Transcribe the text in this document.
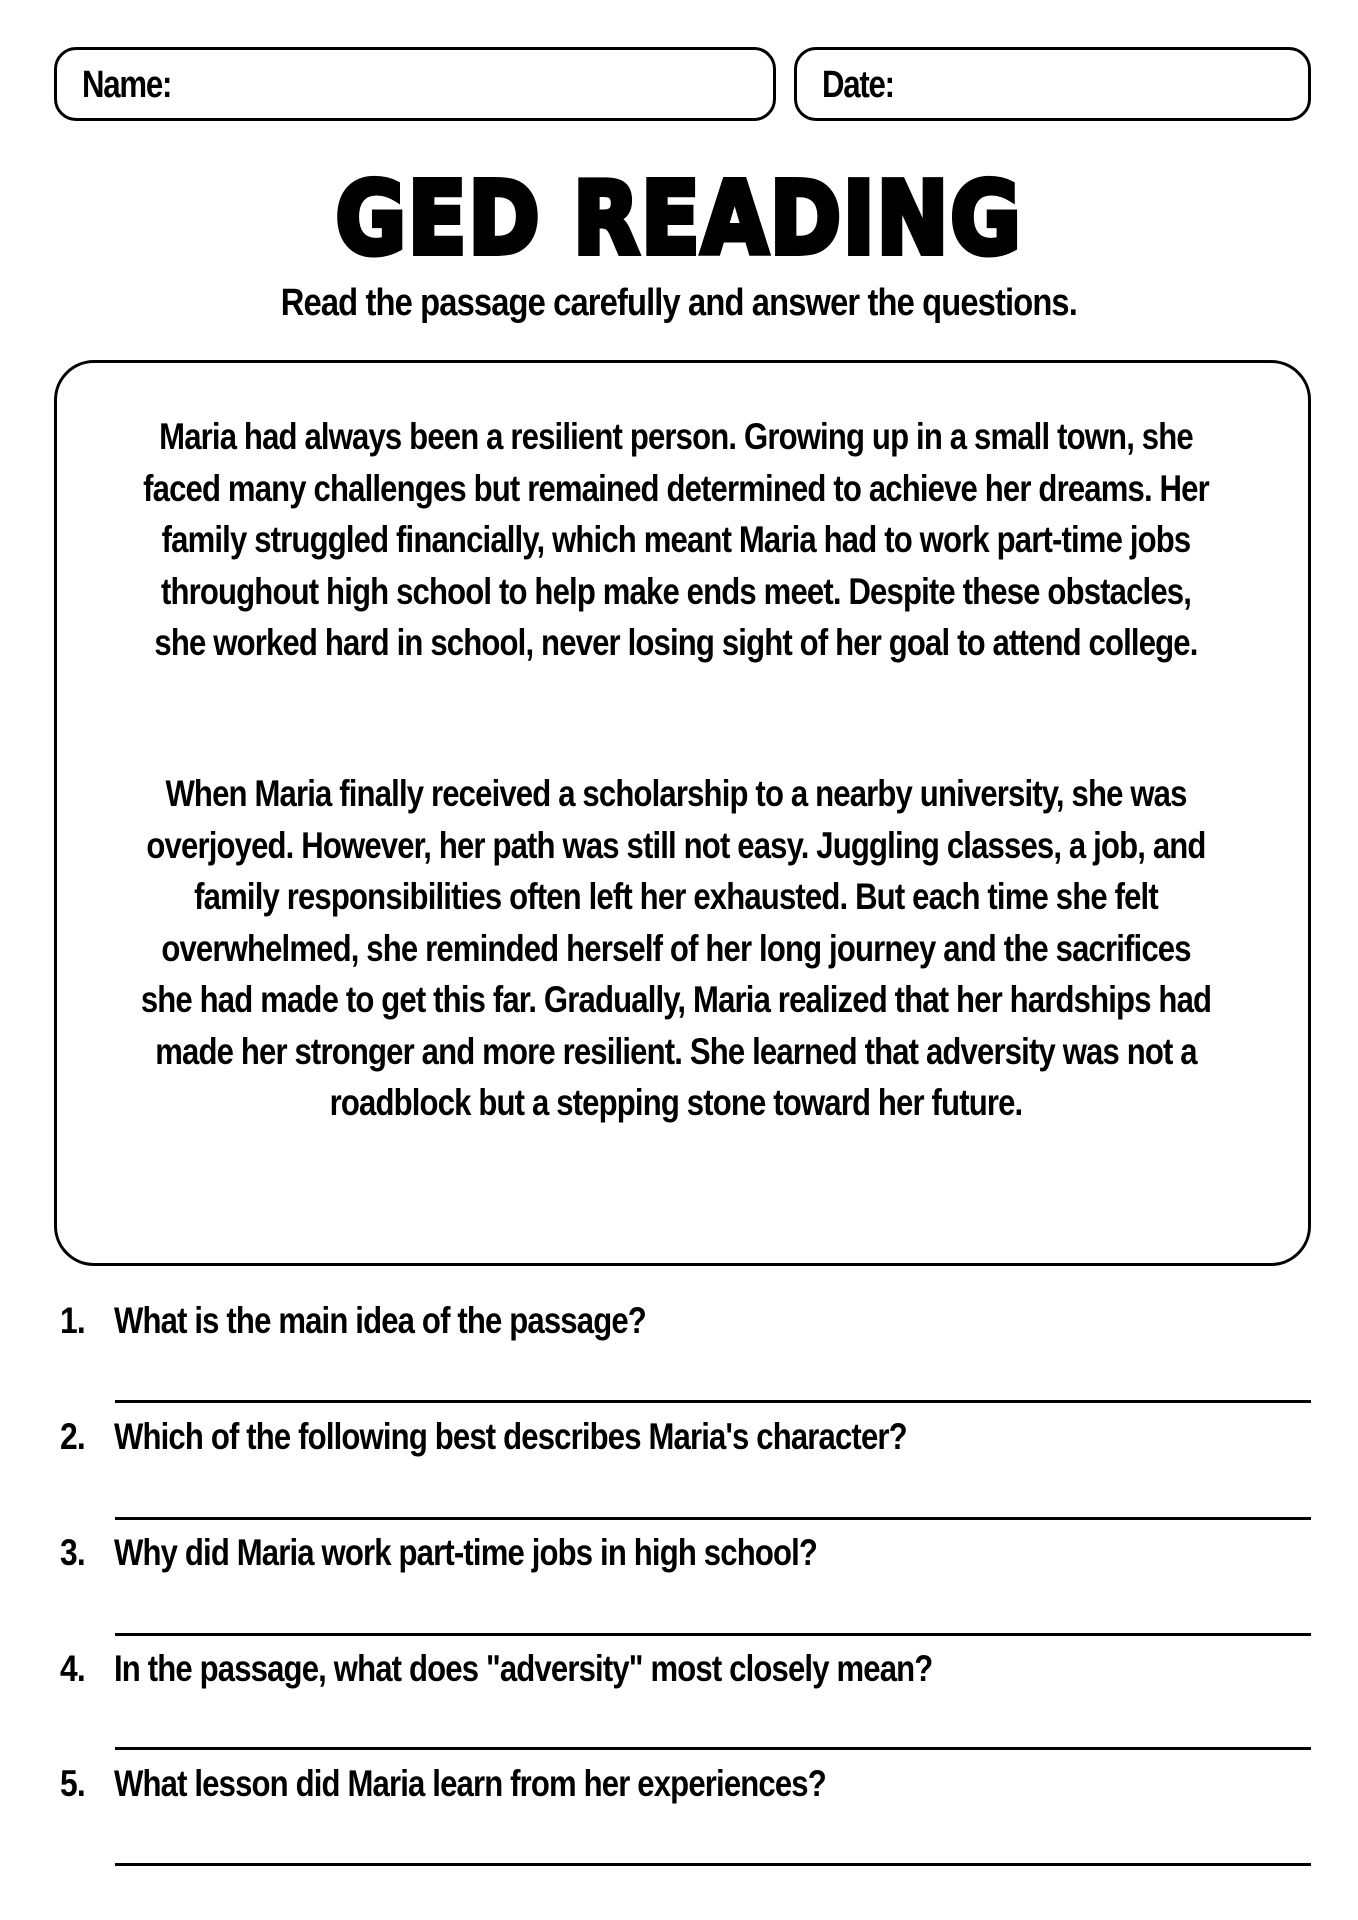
Name:	Date:
GED READING
Read the passage carefully and answer the questions.
Maria had always been a resilient person. Growing up in a small town, she faced many challenges but remained determined to achieve her dreams. Her family struggled financially, which meant Maria had to work part-time jobs throughout high school to help make ends meet. Despite these obstacles, she worked hard in school, never losing sight of her goal to attend college.
When Maria finally received a scholarship to a nearby university, she was overjoyed. However, her path was still not easy. Juggling classes, a job, and family responsibilities often left her exhausted. But each time she felt overwhelmed, she reminded herself of her long journey and the sacrifices she had made to get this far. Gradually, Maria realized that her hardships had made her stronger and more resilient. She learned that adversity was not a roadblock but a stepping stone toward her future.
1. What is the main idea of the passage?
2. Which of the following best describes Maria's character?
3. Why did Maria work part-time jobs in high school?
4. In the passage, what does "adversity" most closely mean?
5. What lesson did Maria learn from her experiences?
